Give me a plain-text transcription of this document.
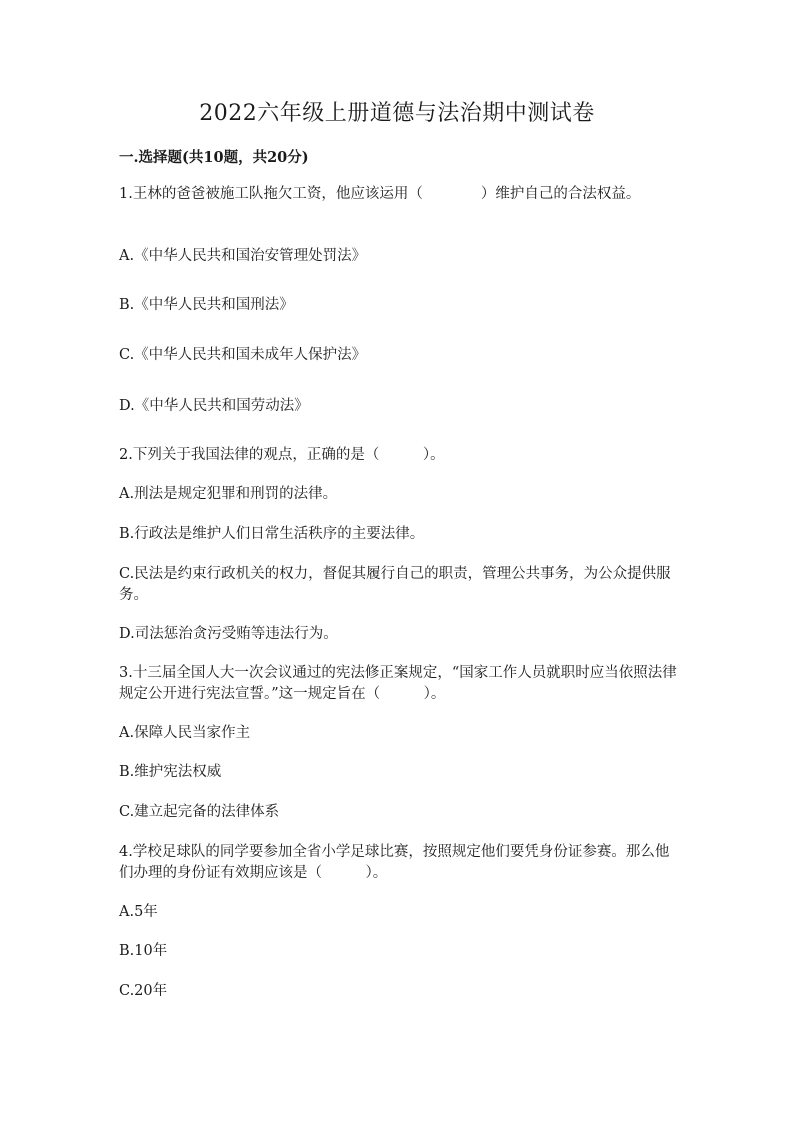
2022六年级上册道德与法治期中测试卷
一.选择题(共10题，共20分)

1.王林的爸爸被施工队拖欠工资，他应该运用（　　　　）维护自己的合法权益。

A.《中华人民共和国治安管理处罚法》

B.《中华人民共和国刑法》

C.《中华人民共和国未成年人保护法》

D.《中华人民共和国劳动法》

2.下列关于我国法律的观点，正确的是（　　　）。

A.刑法是规定犯罪和刑罚的法律。

B.行政法是维护人们日常生活秩序的主要法律。

C.民法是约束行政机关的权力，督促其履行自己的职责，管理公共事务，为公众提供服务。

D.司法惩治贪污受贿等违法行为。

3.十三届全国人大一次会议通过的宪法修正案规定，“国家工作人员就职时应当依照法律规定公开进行宪法宣誓。”这一规定旨在（　　　）。

A.保障人民当家作主

B.维护宪法权威

C.建立起完备的法律体系

4.学校足球队的同学要参加全省小学足球比赛，按照规定他们要凭身份证参赛。那么他们办理的身份证有效期应该是（　　　）。

A.5年

B.10年

C.20年
